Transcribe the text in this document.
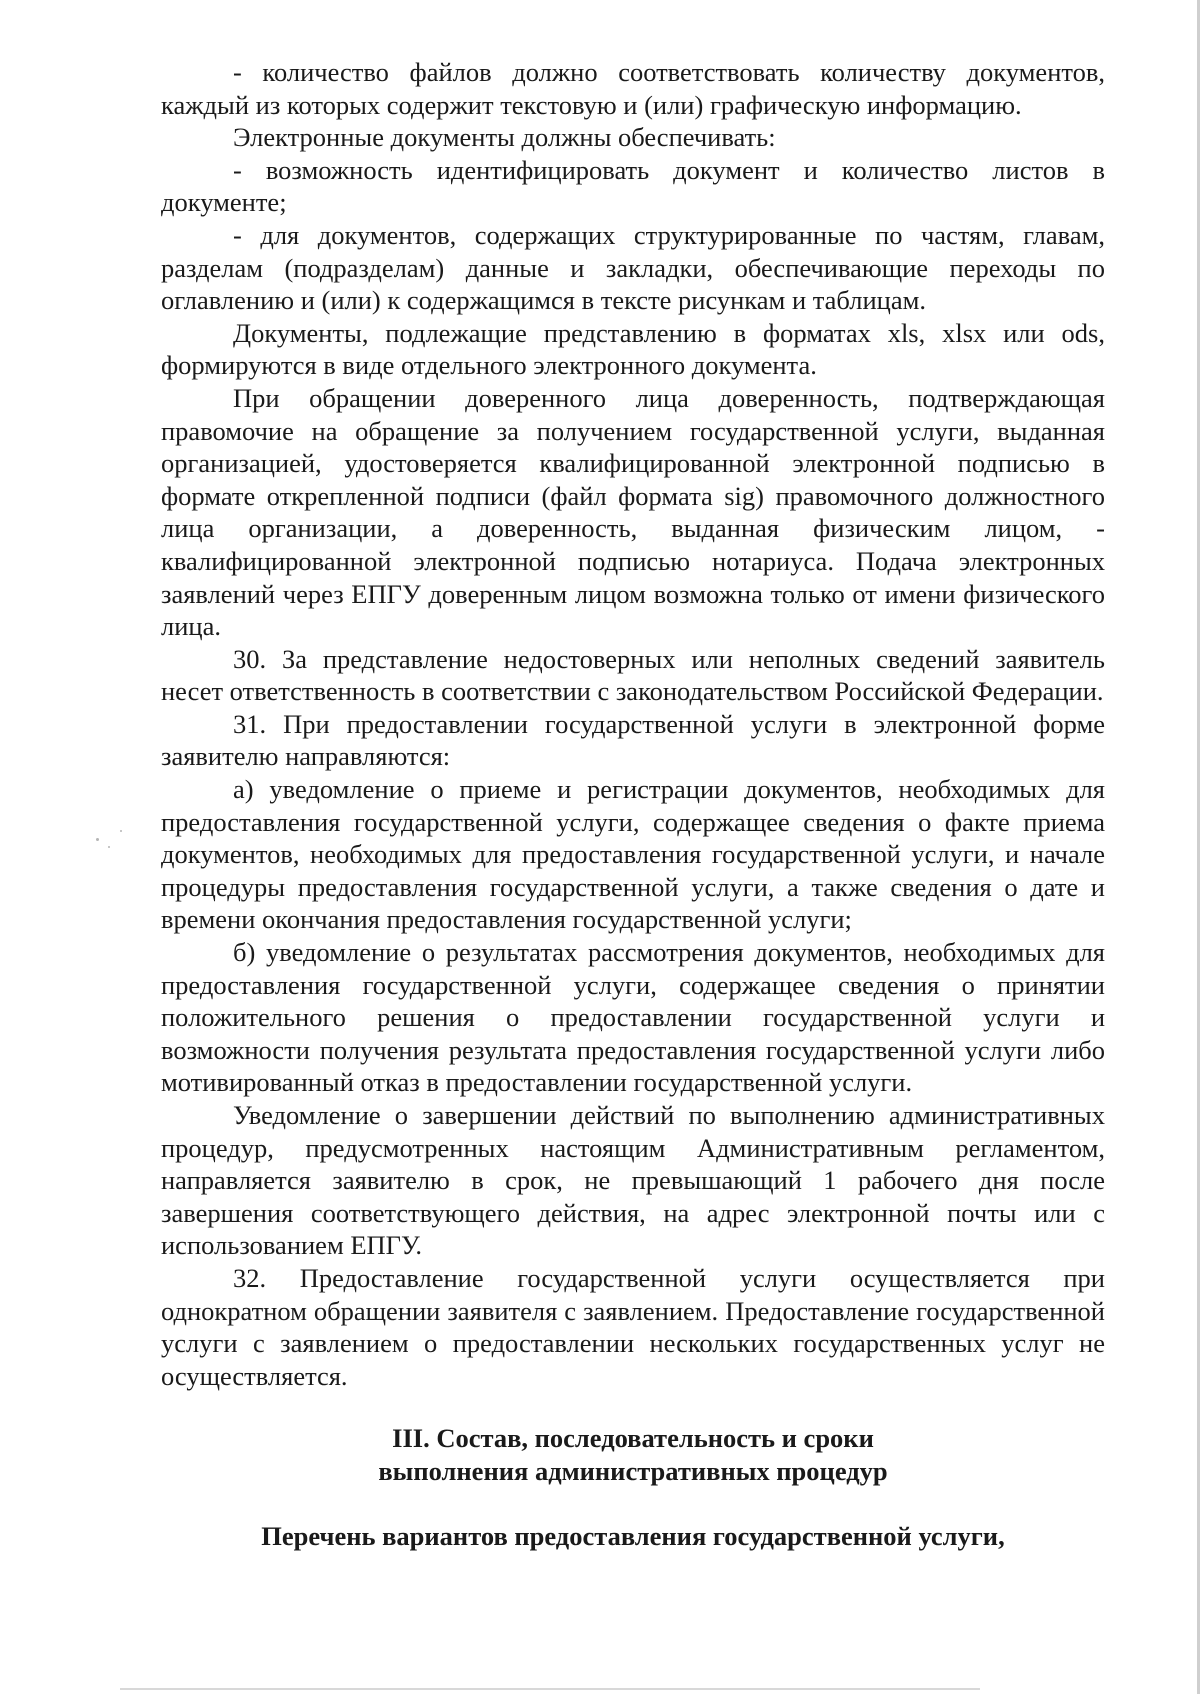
- количество файлов должно соответствовать количеству документов, каждый из которых содержит текстовую и (или) графическую информацию.

Электронные документы должны обеспечивать:

- возможность идентифицировать документ и количество листов в документе;

- для документов, содержащих структурированные по частям, главам, разделам (подразделам) данные и закладки, обеспечивающие переходы по оглавлению и (или) к содержащимся в тексте рисункам и таблицам.

Документы, подлежащие представлению в форматах xls, xlsx или ods, формируются в виде отдельного электронного документа.

При обращении доверенного лица доверенность, подтверждающая правомочие на обращение за получением государственной услуги, выданная организацией, удостоверяется квалифицированной электронной подписью в формате открепленной подписи (файл формата sig) правомочного должностного лица организации, а доверенность, выданная физическим лицом, - квалифицированной электронной подписью нотариуса. Подача электронных заявлений через ЕПГУ доверенным лицом возможна только от имени физического лица.

30. За представление недостоверных или неполных сведений заявитель несет ответственность в соответствии с законодательством Российской Федерации.

31. При предоставлении государственной услуги в электронной форме заявителю направляются:

а) уведомление о приеме и регистрации документов, необходимых для предоставления государственной услуги, содержащее сведения о факте приема документов, необходимых для предоставления государственной услуги, и начале процедуры предоставления государственной услуги, а также сведения о дате и времени окончания предоставления государственной услуги;

б) уведомление о результатах рассмотрения документов, необходимых для предоставления государственной услуги, содержащее сведения о принятии положительного решения о предоставлении государственной услуги и возможности получения результата предоставления государственной услуги либо мотивированный отказ в предоставлении государственной услуги.

Уведомление о завершении действий по выполнению административных процедур, предусмотренных настоящим Административным регламентом, направляется заявителю в срок, не превышающий 1 рабочего дня после завершения соответствующего действия, на адрес электронной почты или с использованием ЕПГУ.

32. Предоставление государственной услуги осуществляется при однократном обращении заявителя с заявлением. Предоставление государственной услуги с заявлением о предоставлении нескольких государственных услуг не осуществляется.

III. Состав, последовательность и сроки

выполнения административных процедур

Перечень вариантов предоставления государственной услуги,
